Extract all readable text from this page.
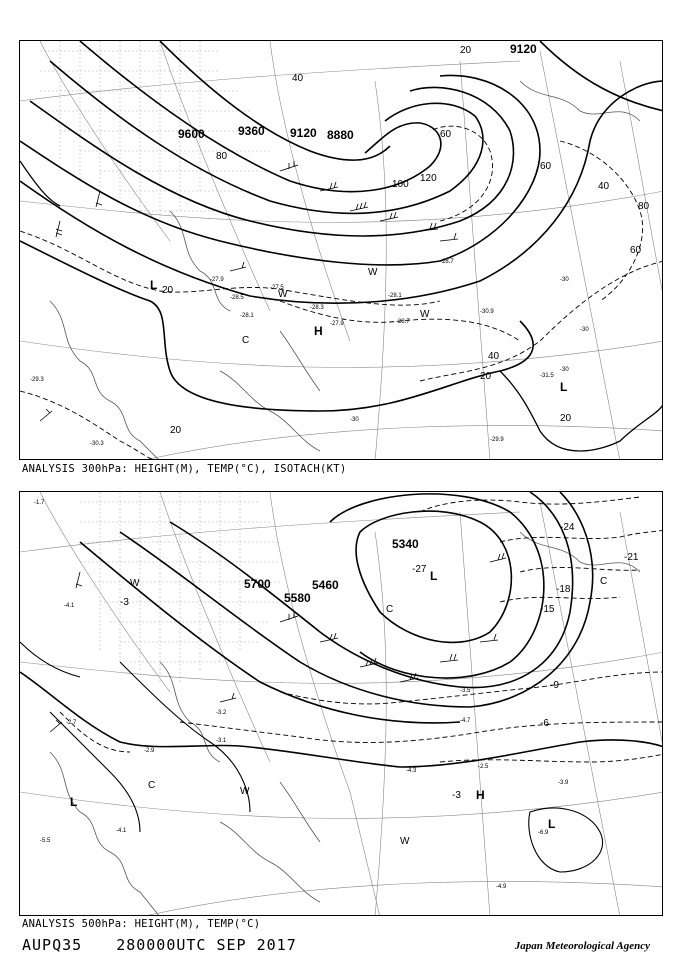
9600	9360 9120 8880
9120
20
20
20
40
60
40
80
60
40
20
20
120
100
80
60
-30
-30
-30
-30
-27.9
-28.5
-27.5
-28.1
-29.9
-30.9
-31.5
-28.7
-28.3
-30.3
-27.9
-29.3
-28.7
-28.1
L
H
L
C
W
W
W
ANALYSIS 300hPa: HEIGHT(M), TEMP(°C), ISOTACH(KT)
5700	5460
5340
5580
-24
-21
-18
-15
-9
-6
-3
-3
-27
-5.5
-4.1
-3.1
-4.3
-2.5
-3.9
-6.9
-4.9
-2.7
-3.2
-3.5
-4.7
-1.7
-4.1
-2.9
L
L	H
L
C
C
C
W
W
W
ANALYSIS 500hPa: HEIGHT(M), TEMP(°C)
AUPQ35 280000UTC SEP 2017	Japan Meteorological Agency
